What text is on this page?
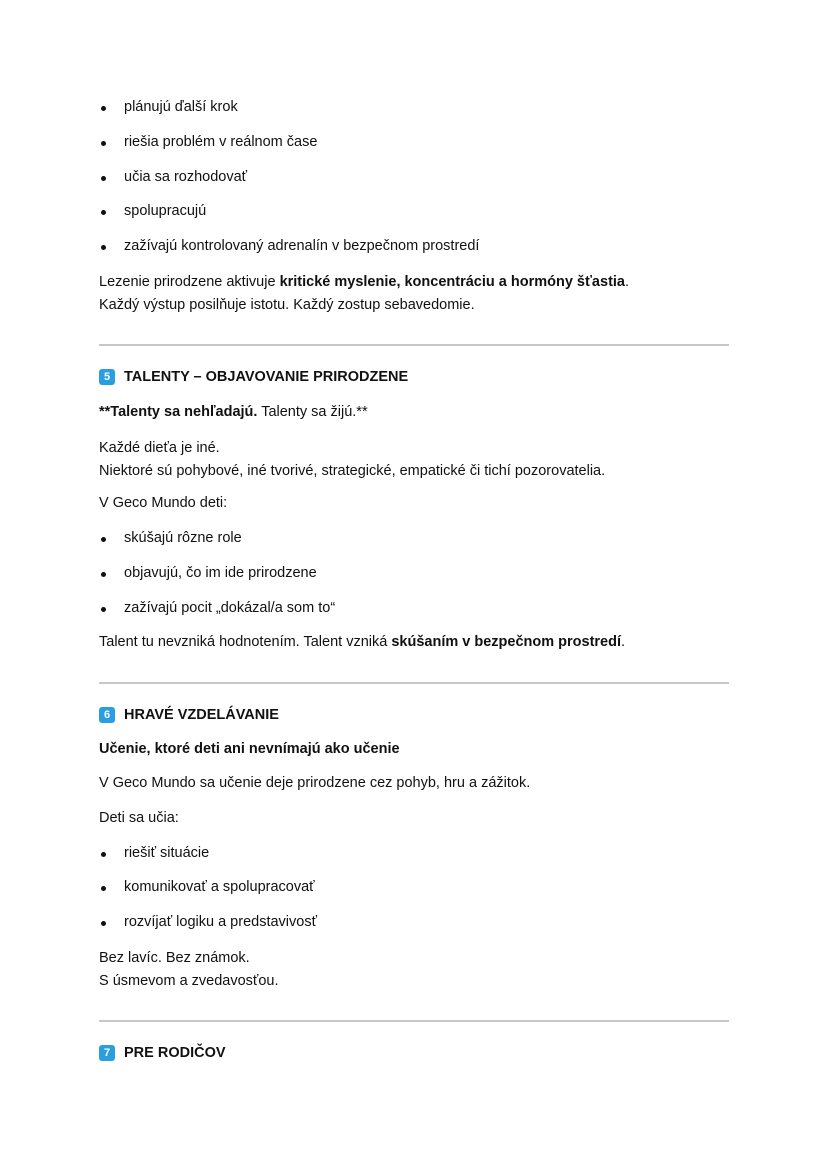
plánujú ďalší krok
riešia problém v reálnom čase
učia sa rozhodovať
spolupracujú
zažívajú kontrolovaný adrenalín v bezpečnom prostredí
Lezenie prirodzene aktivuje kritické myslenie, koncentráciu a hormóny šťastia.
Každý výstup posilňuje istotu. Každý zostup sebavedomie.
5 TALENTY – OBJAVOVANIE PRIRODZENE
**Talenty sa nehľadajú. Talenty sa žijú.**
Každé dieťa je iné.
Niektoré sú pohybové, iné tvorivé, strategické, empatické či tichí pozorovatelia.
V Geco Mundo deti:
skúšajú rôzne role
objavujú, čo im ide prirodzene
zažívajú pocit „dokázal/a som to“
Talent tu nevzniká hodnotením. Talent vzniká skúšaním v bezpečnom prostredí.
6 HRAVÉ VZDELÁVANIE
Učenie, ktoré deti ani nevnímajú ako učenie
V Geco Mundo sa učenie deje prirodzene cez pohyb, hru a zážitok.
Deti sa učia:
riešiť situácie
komunikovať a spolupracovať
rozvíjať logiku a predstavivosť
Bez lavíc. Bez známok.
S úsmevom a zvedavosťou.
7 PRE RODIČOV
